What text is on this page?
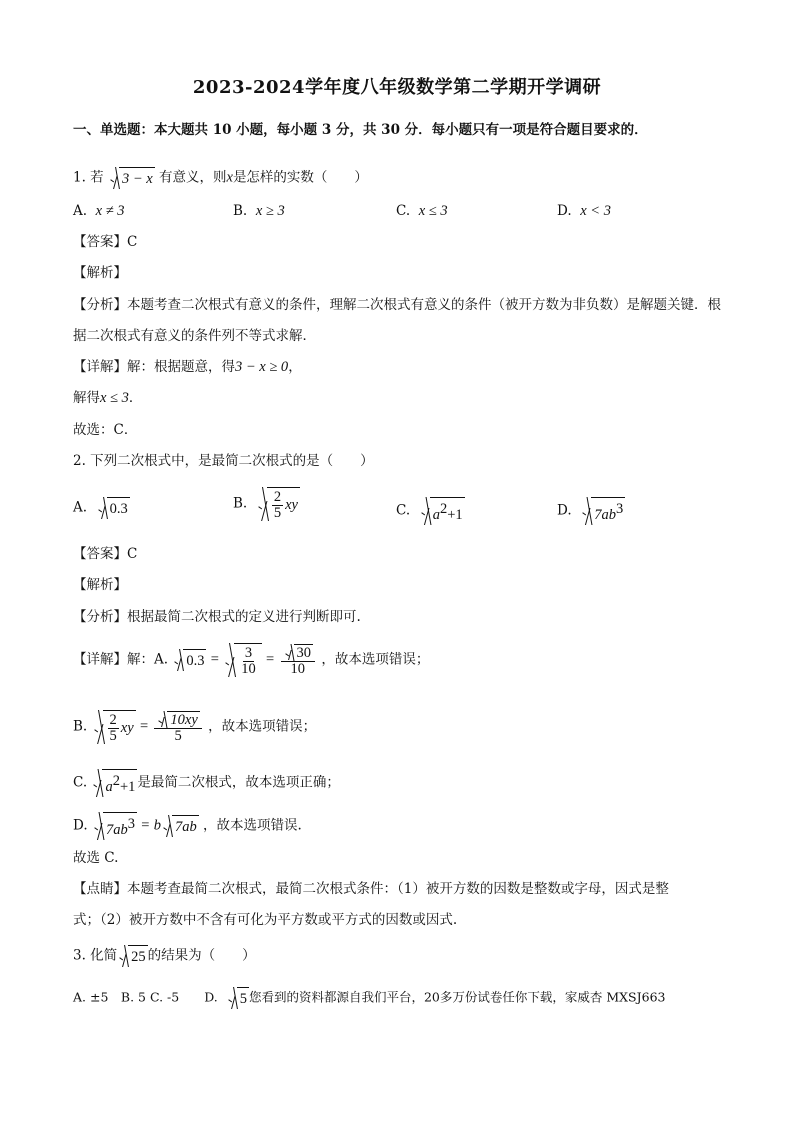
2023-2024学年度八年级数学第二学期开学调研
一、单选题：本大题共 10 小题，每小题 3 分，共 30 分．每小题只有一项是符合题目要求的．
1. 若 3 − x 有意义，则x是怎样的实数（　　）
A. x ≠ 3	B. x ≥ 3	C. x ≤ 3	D. x < 3
【答案】C
【解析】
【分析】本题考查二次根式有意义的条件，理解二次根式有意义的条件（被开方数为非负数）是解题关键．根
据二次根式有意义的条件列不等式求解．
【详解】解：根据题意，得3 − x ≥ 0，
解得x ≤ 3．
故选：C．
2. 下列二次根式中，是最简二次根式的是（　　）
A. 0.3	B. $\frac{2}{5}$ xy	C. $a^2+1$	D. $7ab^3$
【答案】C
【解析】
【分析】根据最简二次根式的定义进行判断即可.
【详解】解：A. $0.3 = \frac{3}{10} = \frac{30}{10}$ ，故本选项错误；
B. $\frac{2}{5}$ xy = $\frac{10xy}{5}$ ，故本选项错误；
C. $a^2+1$ 是最简二次根式，故本选项正确；
D. $7ab^3 = b$ 7ab ，故本选项错误.
故选 C.
【点睛】本题考查最简二次根式，最简二次根式条件：（1）被开方数的因数是整数或字母，因式是整
式；（2）被开方数中不含有可化为平方数或平方式的因数或因式.
3. 化简 25 的结果为（　　）
A. ±5　B. 5 C. -5　　D. 5 您看到的资料都源自我们平台，20多万份试卷任你下载，家威杏 MXSJ663
